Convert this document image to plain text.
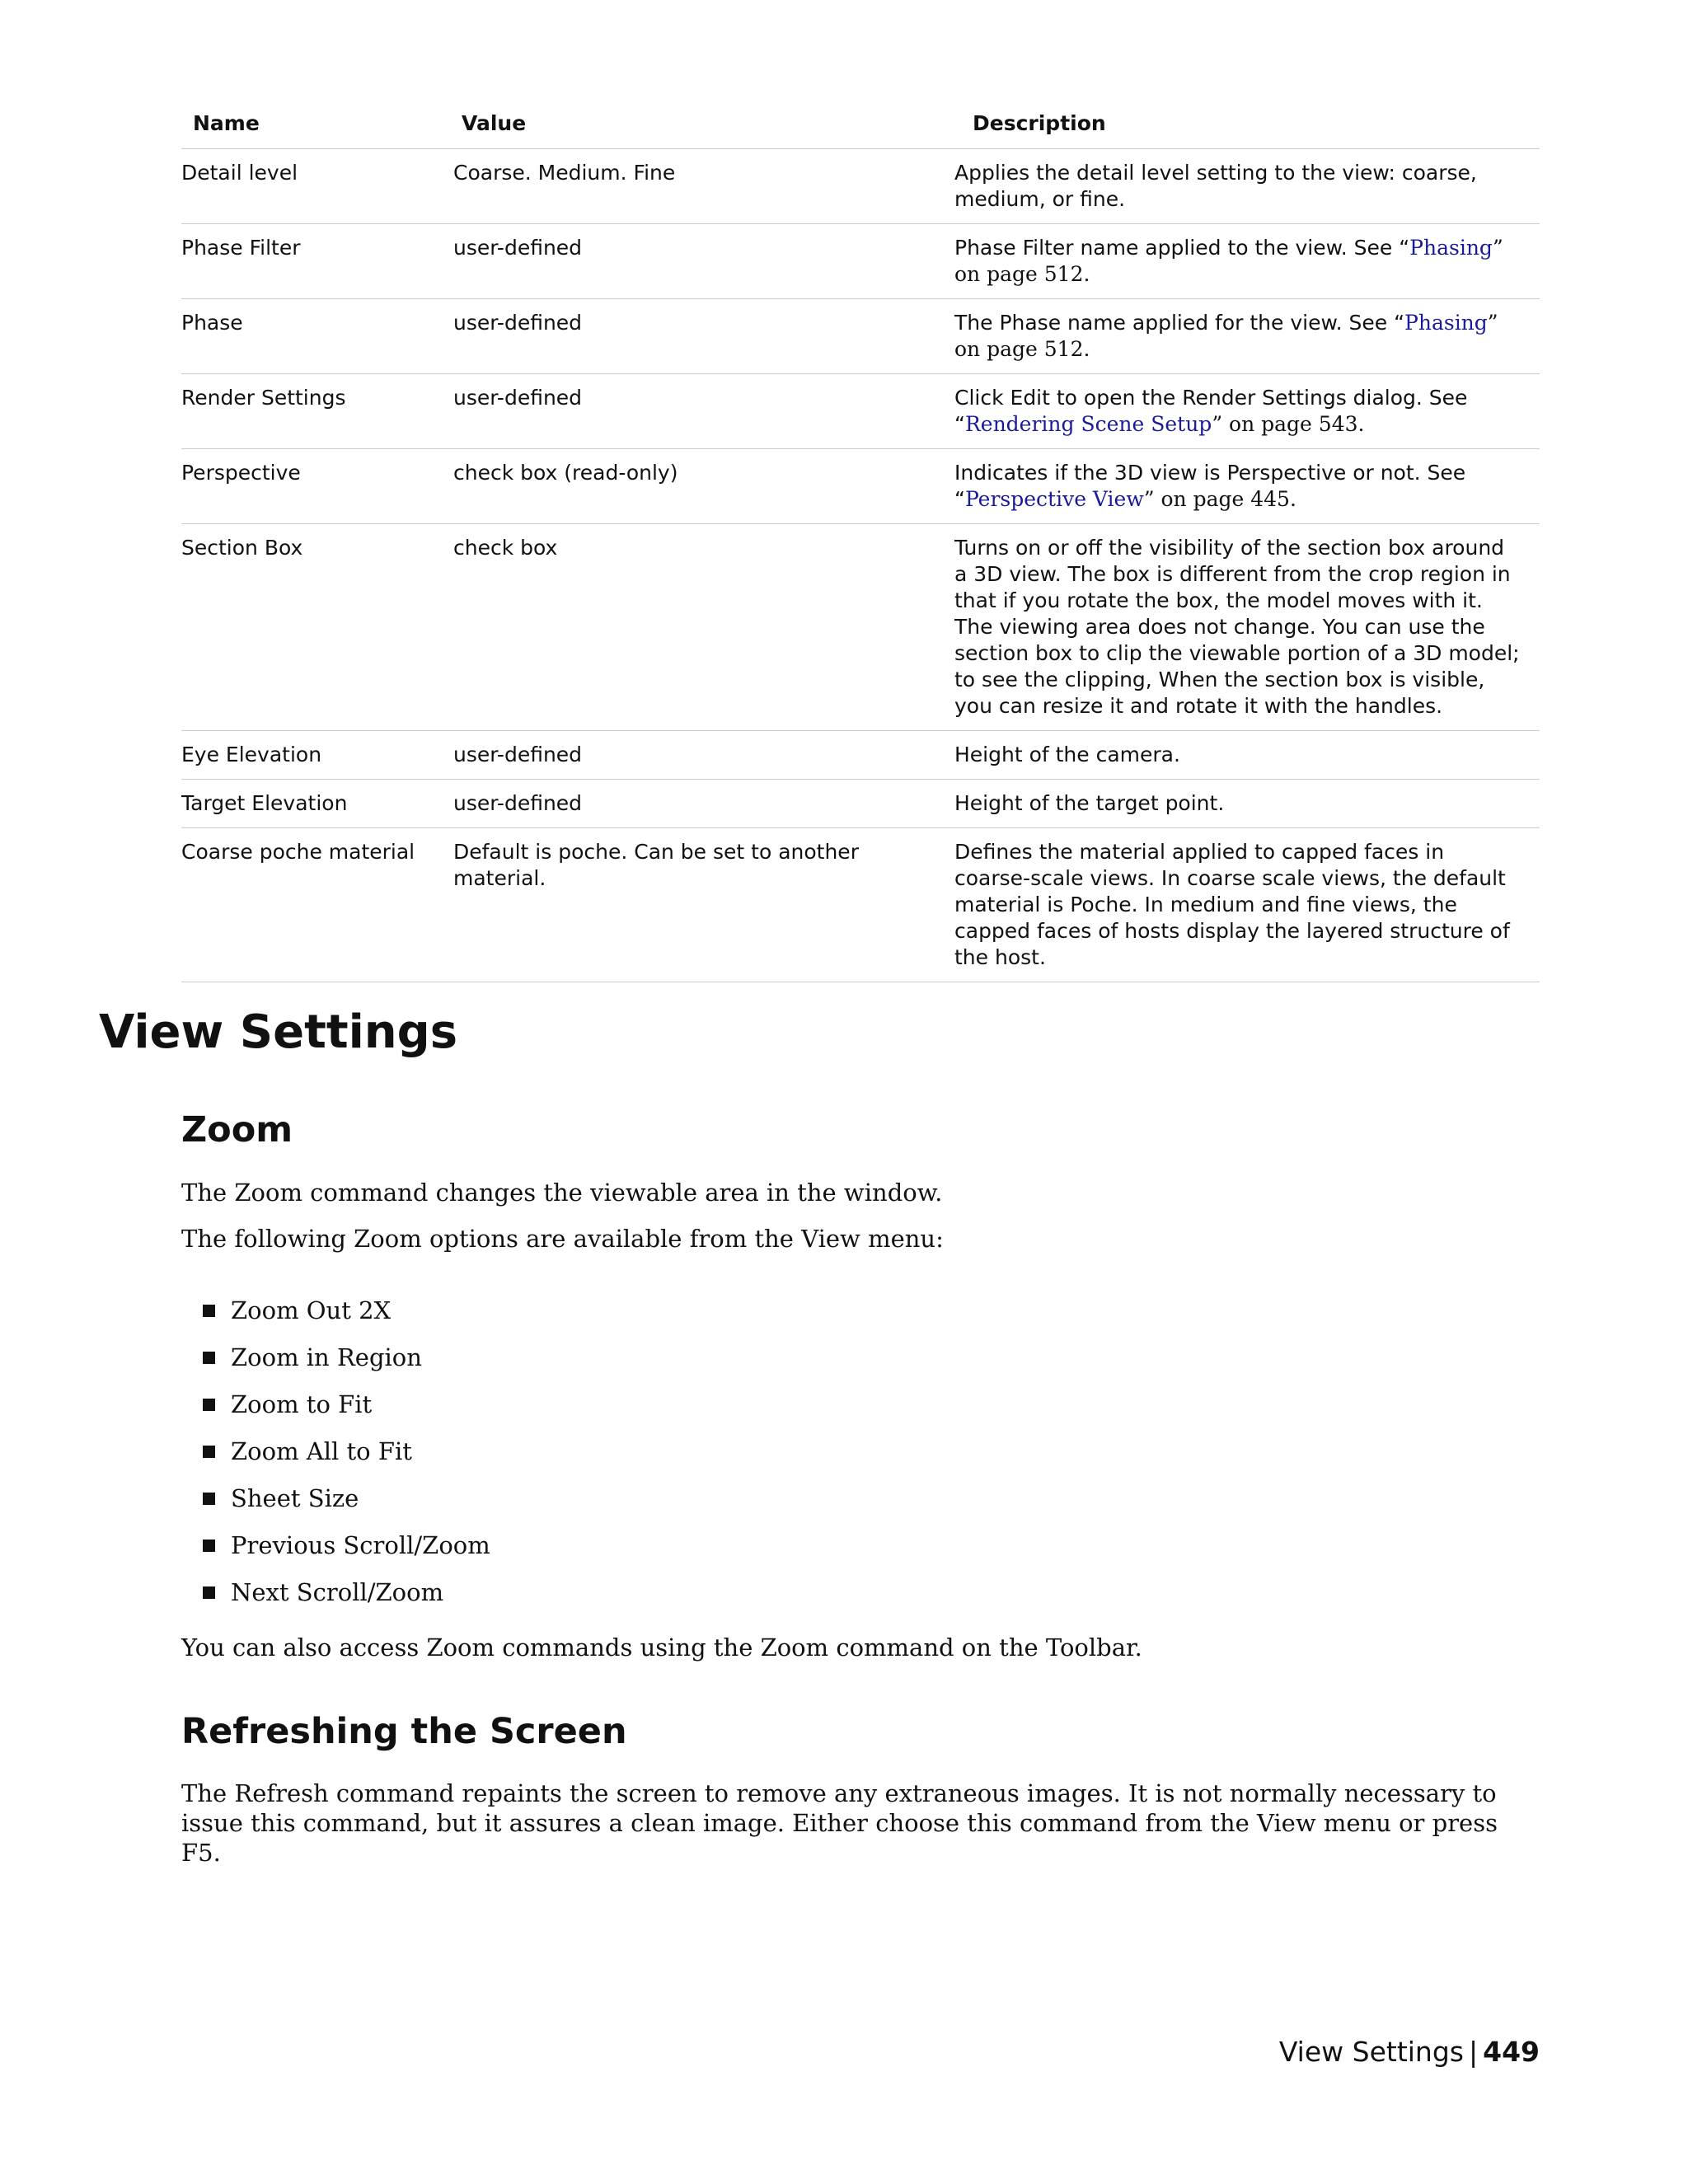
Name	Value	Description
Detail level	Coarse. Medium. Fine	Applies the detail level setting to the view: coarse, medium, or fine.
Phase Filter	user-defined	Phase Filter name applied to the view. See “Phasing” on page 512.
Phase	user-defined	The Phase name applied for the view. See “Phasing” on page 512.
Render Settings	user-defined	Click Edit to open the Render Settings dialog. See “Rendering Scene Setup” on page 543.
Perspective	check box (read-only)	Indicates if the 3D view is Perspective or not. See “Perspective View” on page 445.
Section Box	check box	Turns on or off the visibility of the section box around a 3D view. The box is different from the crop region in that if you rotate the box, the model moves with it. The viewing area does not change. You can use the section box to clip the viewable portion of a 3D model; to see the clipping, When the section box is visible, you can resize it and rotate it with the handles.
Eye Elevation	user-defined	Height of the camera.
Target Elevation	user-defined	Height of the target point.
Coarse poche material	Default is poche. Can be set to another material.	Defines the material applied to capped faces in coarse-scale views. In coarse scale views, the default material is Poche. In medium and fine views, the capped faces of hosts display the layered structure of the host.
View Settings
Zoom

The Zoom command changes the viewable area in the window.

The following Zoom options are available from the View menu:

Zoom Out 2X
Zoom in Region
Zoom to Fit
Zoom All to Fit
Sheet Size
Previous Scroll/Zoom
Next Scroll/Zoom

You can also access Zoom commands using the Zoom command on the Toolbar.

Refreshing the Screen

The Refresh command repaints the screen to remove any extraneous images. It is not normally necessary to issue this command, but it assures a clean image. Either choose this command from the View menu or press F5.

View Settings | 449
